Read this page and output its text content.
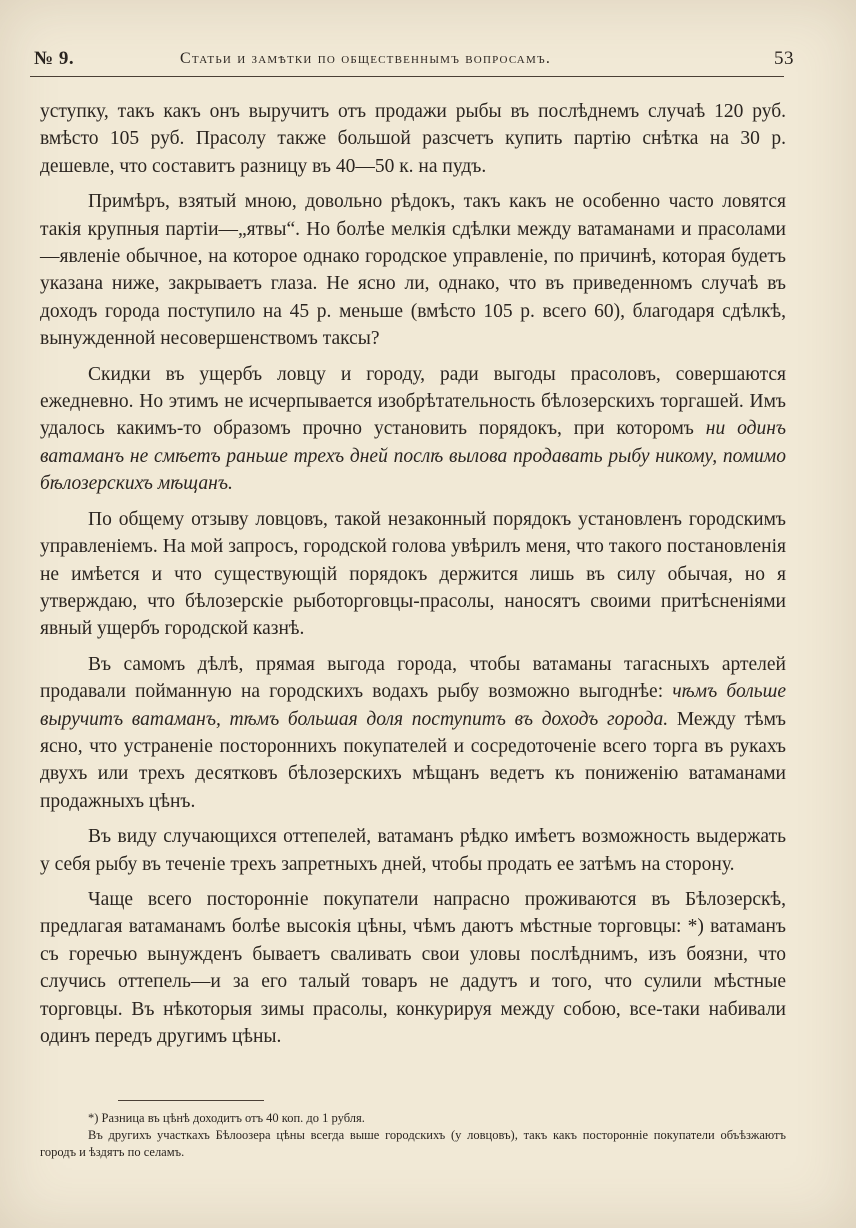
№ 9.	Статьи и замѣтки по общественнымъ вопросамъ.	53

уступку, такъ какъ онъ выручитъ отъ продажи рыбы въ послѣднемъ случаѣ 120 руб. вмѣсто 105 руб. Прасолу также большой разсчетъ купить партію снѣтка на 30 р. дешевле, что составитъ разницу въ 40—50 к. на пудъ.

Примѣръ, взятый мною, довольно рѣдокъ, такъ какъ не особенно часто ловятся такія крупныя партіи—„ятвы“. Но болѣе мелкія сдѣлки между ватаманами и прасолами—явленіе обычное, на которое однако городское управленіе, по причинѣ, которая будетъ указана ниже, закрываетъ глаза. Не ясно ли, однако, что въ приведенномъ случаѣ въ доходъ города поступило на 45 р. меньше (вмѣсто 105 р. всего 60), благодаря сдѣлкѣ, вынужденной несовершенствомъ таксы?

Скидки въ ущербъ ловцу и городу, ради выгоды прасоловъ, совершаются ежедневно. Но этимъ не исчерпывается изобрѣтательность бѣлозерскихъ торгашей. Имъ удалось какимъ-то образомъ прочно установить порядокъ, при которомъ ни одинъ ватаманъ не смѣетъ раньше трехъ дней послѣ вылова продавать рыбу никому, помимо бѣлозерскихъ мѣщанъ.

По общему отзыву ловцовъ, такой незаконный порядокъ установленъ городскимъ управленіемъ. На мой запросъ, городской голова увѣрилъ меня, что такого постановленія не имѣется и что существующій порядокъ держится лишь въ силу обычая, но я утверждаю, что бѣлозерскіе рыботорговцы-прасолы, наносятъ своими притѣсненіями явный ущербъ городской казнѣ.

Въ самомъ дѣлѣ, прямая выгода города, чтобы ватаманы тагасныхъ артелей продавали пойманную на городскихъ водахъ рыбу возможно выгоднѣе: чѣмъ больше выручитъ ватаманъ, тѣмъ большая доля поступитъ въ доходъ города. Между тѣмъ ясно, что устраненіе постороннихъ покупателей и сосредоточеніе всего торга въ рукахъ двухъ или трехъ десятковъ бѣлозерскихъ мѣщанъ ведетъ къ пониженію ватаманами продажныхъ цѣнъ.

Въ виду случающихся оттепелей, ватаманъ рѣдко имѣетъ возможность выдержать у себя рыбу въ теченіе трехъ запретныхъ дней, чтобы продать ее затѣмъ на сторону.

Чаще всего посторонніе покупатели напрасно проживаются въ Бѣлозерскѣ, предлагая ватаманамъ болѣе высокія цѣны, чѣмъ даютъ мѣстные торговцы: *) ватаманъ съ горечью вынужденъ бываетъ сваливать свои уловы послѣднимъ, изъ боязни, что случись оттепель—и за его талый товаръ не дадутъ и того, что сулили мѣстные торговцы. Въ нѣкоторыя зимы прасолы, конкурируя между собою, все-таки набивали одинъ передъ другимъ цѣны.

*) Разница въ цѣнѣ доходитъ отъ 40 коп. до 1 рубля.

Въ другихъ участкахъ Бѣлоозера цѣны всегда выше городскихъ (у ловцовъ), такъ какъ посторонніе покупатели объѣзжаютъ городъ и ѣздятъ по селамъ.
